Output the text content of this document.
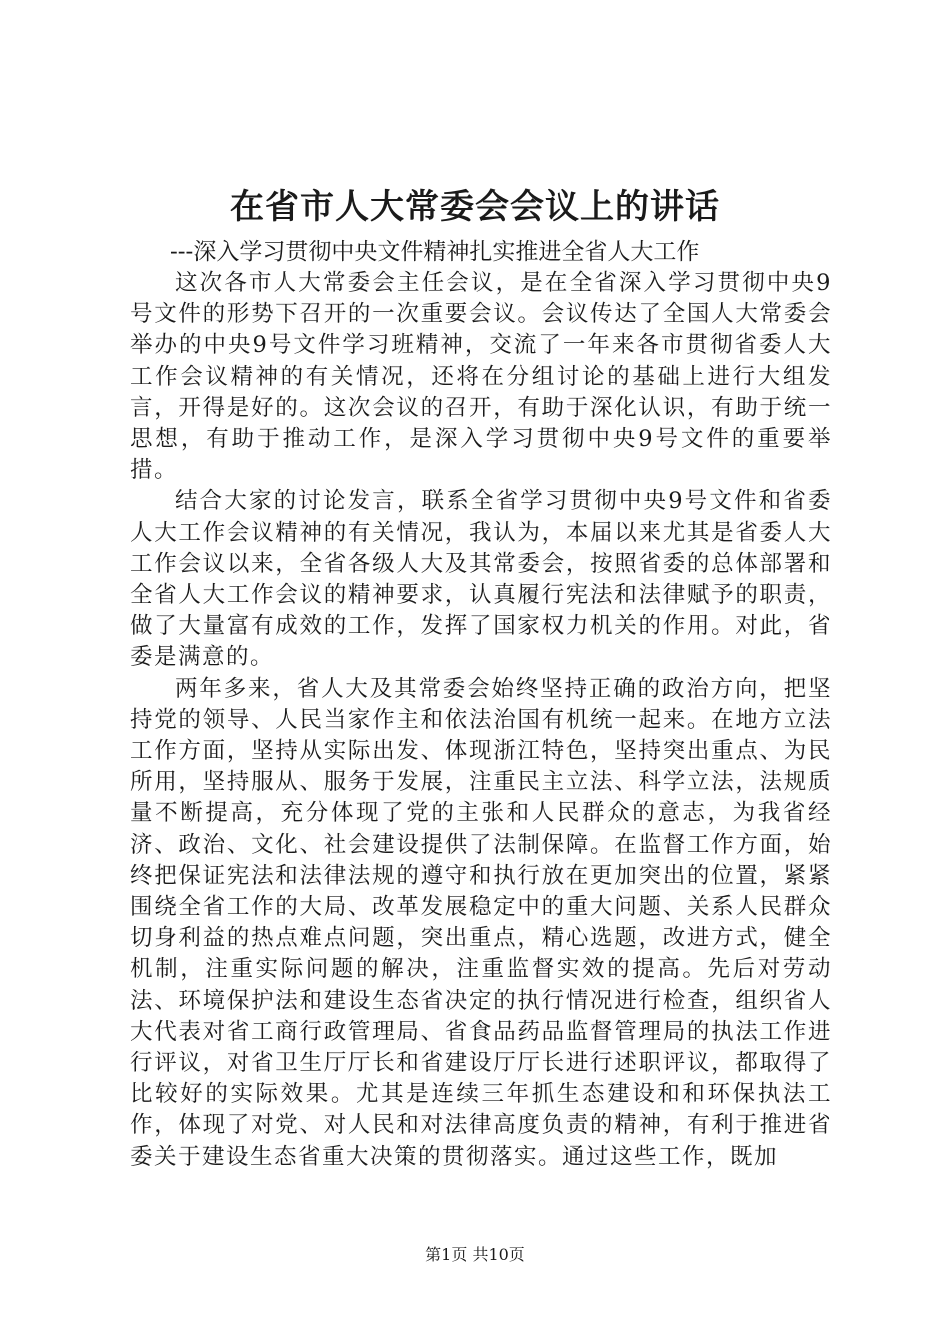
在省市人大常委会会议上的讲话

---深入学习贯彻中央文件精神扎实推进全省人大工作

这次各市人大常委会主任会议，是在全省深入学习贯彻中央9号文件的形势下召开的一次重要会议。会议传达了全国人大常委会举办的中央9号文件学习班精神，交流了一年来各市贯彻省委人大工作会议精神的有关情况，还将在分组讨论的基础上进行大组发言，开得是好的。这次会议的召开，有助于深化认识，有助于统一思想，有助于推动工作，是深入学习贯彻中央9号文件的重要举措。

结合大家的讨论发言，联系全省学习贯彻中央9号文件和省委人大工作会议精神的有关情况，我认为，本届以来尤其是省委人大工作会议以来，全省各级人大及其常委会，按照省委的总体部署和全省人大工作会议的精神要求，认真履行宪法和法律赋予的职责，做了大量富有成效的工作，发挥了国家权力机关的作用。对此，省委是满意的。

两年多来，省人大及其常委会始终坚持正确的政治方向，把坚持党的领导、人民当家作主和依法治国有机统一起来。在地方立法工作方面，坚持从实际出发、体现浙江特色，坚持突出重点、为民所用，坚持服从、服务于发展，注重民主立法、科学立法，法规质量不断提高，充分体现了党的主张和人民群众的意志，为我省经济、政治、文化、社会建设提供了法制保障。在监督工作方面，始终把保证宪法和法律法规的遵守和执行放在更加突出的位置，紧紧围绕全省工作的大局、改革发展稳定中的重大问题、关系人民群众切身利益的热点难点问题，突出重点，精心选题，改进方式，健全机制，注重实际问题的解决，注重监督实效的提高。先后对劳动法、环境保护法和建设生态省决定的执行情况进行检查，组织省人大代表对省工商行政管理局、省食品药品监督管理局的执法工作进行评议，对省卫生厅厅长和省建设厅厅长进行述职评议，都取得了比较好的实际效果。尤其是连续三年抓生态建设和和环保执法工作，体现了对党、对人民和对法律高度负责的精神，有利于推进省委关于建设生态省重大决策的贯彻落实。通过这些工作，既加

第1页 共10页
